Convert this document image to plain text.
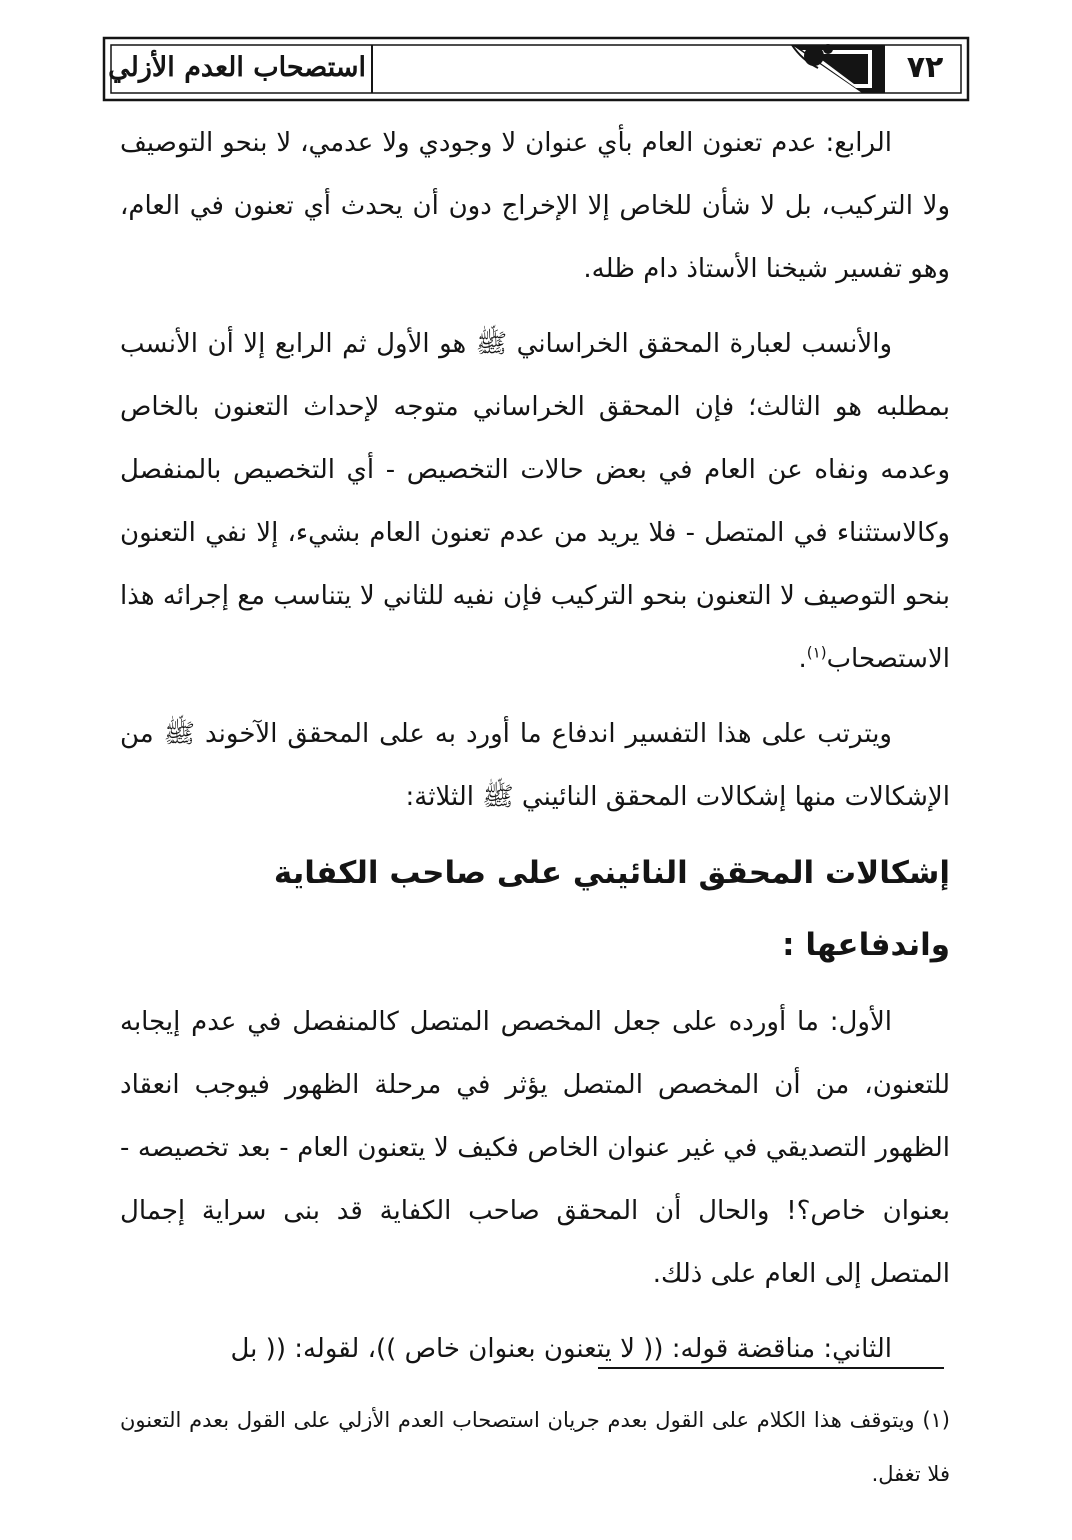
٧٢
استصحاب العدم الأزلي

الرابع: عدم تعنون العام بأي عنوان لا وجودي ولا عدمي، لا بنحو التوصيف ولا التركيب، بل لا شأن للخاص إلا الإخراج دون أن يحدث أي تعنون في العام، وهو تفسير شيخنا الأستاذ دام ظله.

والأنسب لعبارة المحقق الخراساني ﷺ هو الأول ثم الرابع إلا أن الأنسب بمطلبه هو الثالث؛ فإن المحقق الخراساني متوجه لإحداث التعنون بالخاص وعدمه ونفاه عن العام في بعض حالات التخصيص - أي التخصيص بالمنفصل وكالاستثناء في المتصل - فلا يريد من عدم تعنون العام بشيء، إلا نفي التعنون بنحو التوصيف لا التعنون بنحو التركيب فإن نفيه للثاني لا يتناسب مع إجرائه هذا الاستصحاب$^{(١)}$.

ويترتب على هذا التفسير اندفاع ما أورد به على المحقق الآخوند ﷺ من الإشكالات منها إشكالات المحقق النائيني ﷺ الثلاثة:

إشكالات المحقق النائيني على صاحب الكفاية واندفاعها :

الأول: ما أورده على جعل المخصص المتصل كالمنفصل في عدم إيجابه للتعنون، من أن المخصص المتصل يؤثر في مرحلة الظهور فيوجب انعقاد الظهور التصديقي في غير عنوان الخاص فكيف لا يتعنون العام - بعد تخصيصه - بعنوان خاص؟! والحال أن المحقق صاحب الكفاية قد بنى سراية إجمال المتصل إلى العام على ذلك.

الثاني: مناقضة قوله: (( لا يتعنون بعنوان خاص ))، لقوله: (( بل

(١) ويتوقف هذا الكلام على القول بعدم جريان استصحاب العدم الأزلي على القول بعدم التعنون فلا تغفل.
